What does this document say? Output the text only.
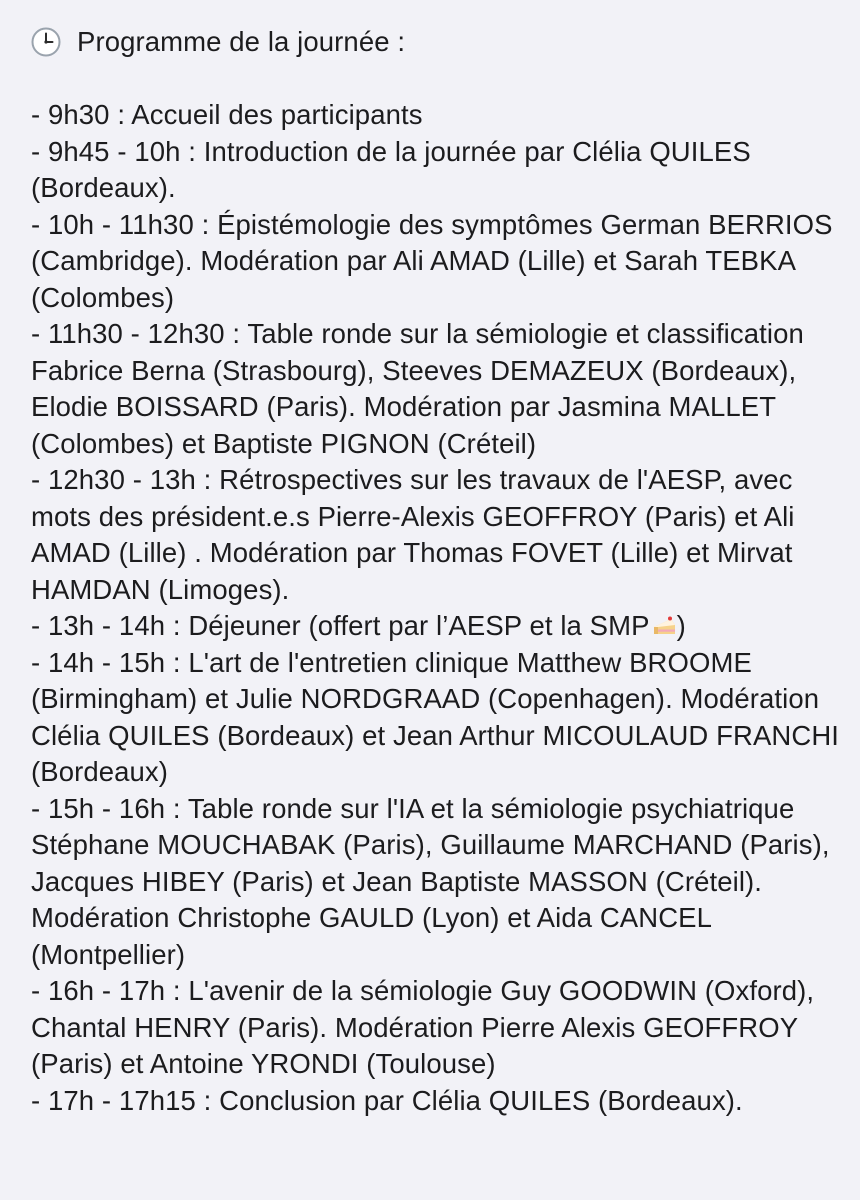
Programme de la journée :
- 9h30 : Accueil des participants
- 9h45 - 10h : Introduction de la journée par Clélia QUILES (Bordeaux).
- 10h - 11h30 : Épistémologie des symptômes German BERRIOS (Cambridge). Modération par Ali AMAD (Lille) et Sarah TEBKA (Colombes)
- 11h30 - 12h30 : Table ronde sur la sémiologie et classification Fabrice Berna (Strasbourg), Steeves DEMAZEUX (Bordeaux), Elodie BOISSARD (Paris). Modération par Jasmina MALLET (Colombes) et Baptiste PIGNON (Créteil)
- 12h30 - 13h : Rétrospectives sur les travaux de l'AESP, avec mots des président.e.s Pierre-Alexis GEOFFROY (Paris) et Ali AMAD (Lille) . Modération par Thomas FOVET (Lille) et Mirvat HAMDAN (Limoges).
- 13h - 14h : Déjeuner (offert par l’AESP et la SMP )
- 14h - 15h : L'art de l'entretien clinique Matthew BROOME (Birmingham) et Julie NORDGRAAD (Copenhagen). Modération Clélia QUILES (Bordeaux) et Jean Arthur MICOULAUD FRANCHI (Bordeaux)
- 15h - 16h : Table ronde sur l'IA et la sémiologie psychiatrique Stéphane MOUCHABAK (Paris), Guillaume MARCHAND (Paris), Jacques HIBEY (Paris) et Jean Baptiste MASSON (Créteil). Modération Christophe GAULD (Lyon) et Aida CANCEL (Montpellier)
- 16h - 17h : L'avenir de la sémiologie Guy GOODWIN (Oxford), Chantal HENRY (Paris). Modération Pierre Alexis GEOFFROY (Paris) et Antoine YRONDI (Toulouse)
- 17h - 17h15 : Conclusion par Clélia QUILES (Bordeaux).
